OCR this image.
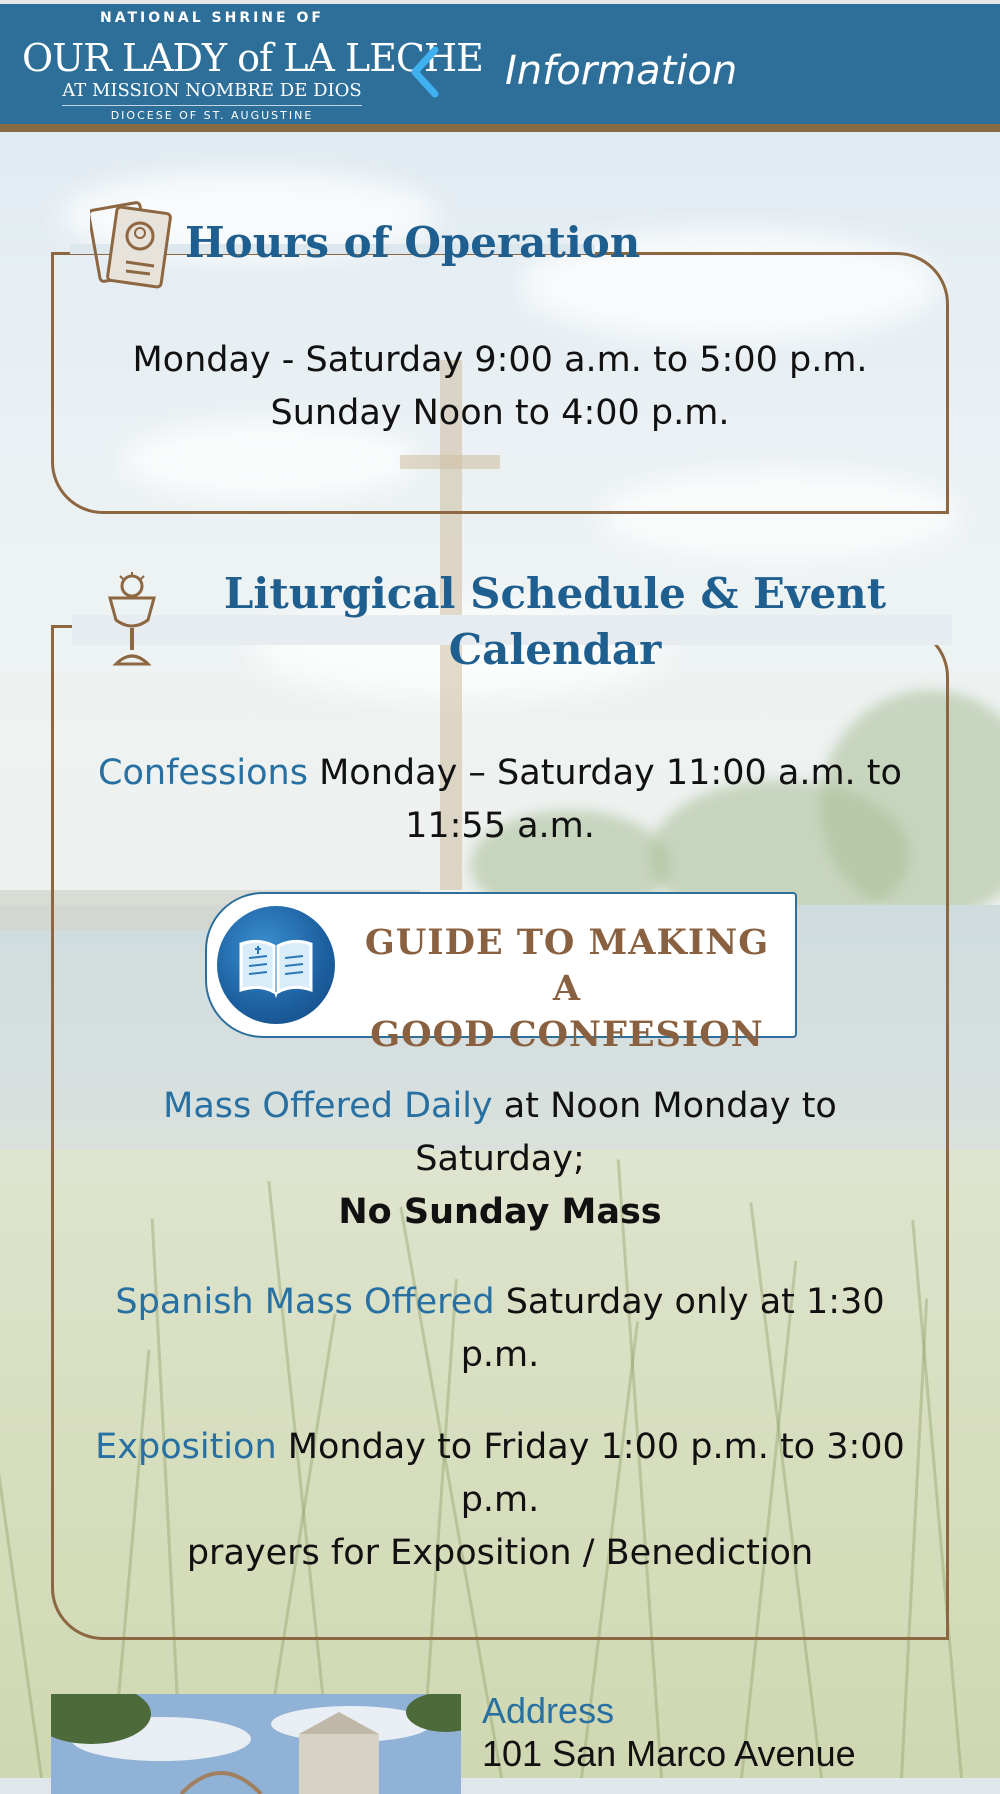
NATIONAL SHRINE OF
OUR LADY of LA LECHE
AT MISSION NOMBRE DE DIOS
DIOCESE OF ST. AUGUSTINE
Information
Hours of Operation
Monday - Saturday 9:00 a.m. to 5:00 p.m.
Sunday Noon to 4:00 p.m.
Liturgical Schedule & Event
Calendar
Confessions Monday – Saturday 11:00 a.m. to
11:55 a.m.
GUIDE TO MAKING A
GOOD CONFESION
Mass Offered Daily at Noon Monday to
Saturday;
No Sunday Mass
Spanish Mass Offered Saturday only at 1:30
p.m.
Exposition Monday to Friday 1:00 p.m. to 3:00
p.m.
prayers for Exposition / Benediction
Address
101 San Marco Avenue
